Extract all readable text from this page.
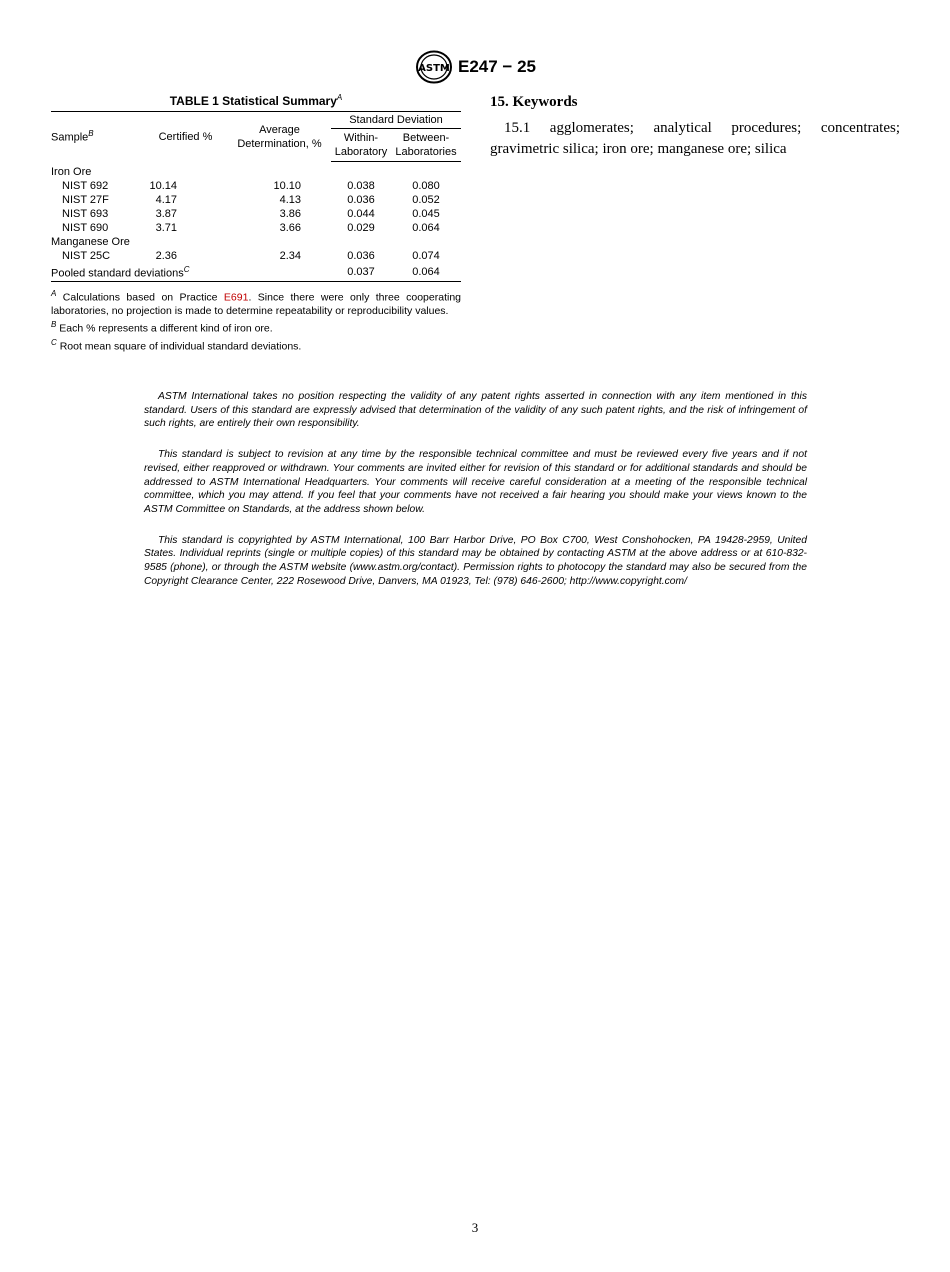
ASTM E247 − 25
TABLE 1 Statistical Summary$^A$
Sample$^B$	Certified %	Average Determination, %	Standard Deviation	
			Within- Laboratory	Between- Laboratories
Iron Ore				
NIST 692	10.14	10.10	0.038	0.080
NIST 27F	4.17	4.13	0.036	0.052
NIST 693	3.87	3.86	0.044	0.045
NIST 690	3.71	3.66	0.029	0.064
Manganese Ore				
NIST 25C	2.36	2.34	0.036	0.074
Pooled standard deviations$^C$			0.037	0.064
$^A$ Calculations based on Practice E691. Since there were only three cooperating laboratories, no projection is made to determine repeatability or reproducibility values.
$^B$ Each % represents a different kind of iron ore.
$^C$ Root mean square of individual standard deviations.
15. Keywords

15.1 agglomerates; analytical procedures; concentrates; gravimetric silica; iron ore; manganese ore; silica

ASTM International takes no position respecting the validity of any patent rights asserted in connection with any item mentioned in this standard. Users of this standard are expressly advised that determination of the validity of any such patent rights, and the risk of infringement of such rights, are entirely their own responsibility.

This standard is subject to revision at any time by the responsible technical committee and must be reviewed every five years and if not revised, either reapproved or withdrawn. Your comments are invited either for revision of this standard or for additional standards and should be addressed to ASTM International Headquarters. Your comments will receive careful consideration at a meeting of the responsible technical committee, which you may attend. If you feel that your comments have not received a fair hearing you should make your views known to the ASTM Committee on Standards, at the address shown below.

This standard is copyrighted by ASTM International, 100 Barr Harbor Drive, PO Box C700, West Conshohocken, PA 19428-2959, United States. Individual reprints (single or multiple copies) of this standard may be obtained by contacting ASTM at the above address or at 610-832-9585 (phone), or through the ASTM website (www.astm.org/contact). Permission rights to photocopy the standard may also be secured from the Copyright Clearance Center, 222 Rosewood Drive, Danvers, MA 01923, Tel: (978) 646-2600; http://www.copyright.com/

3
